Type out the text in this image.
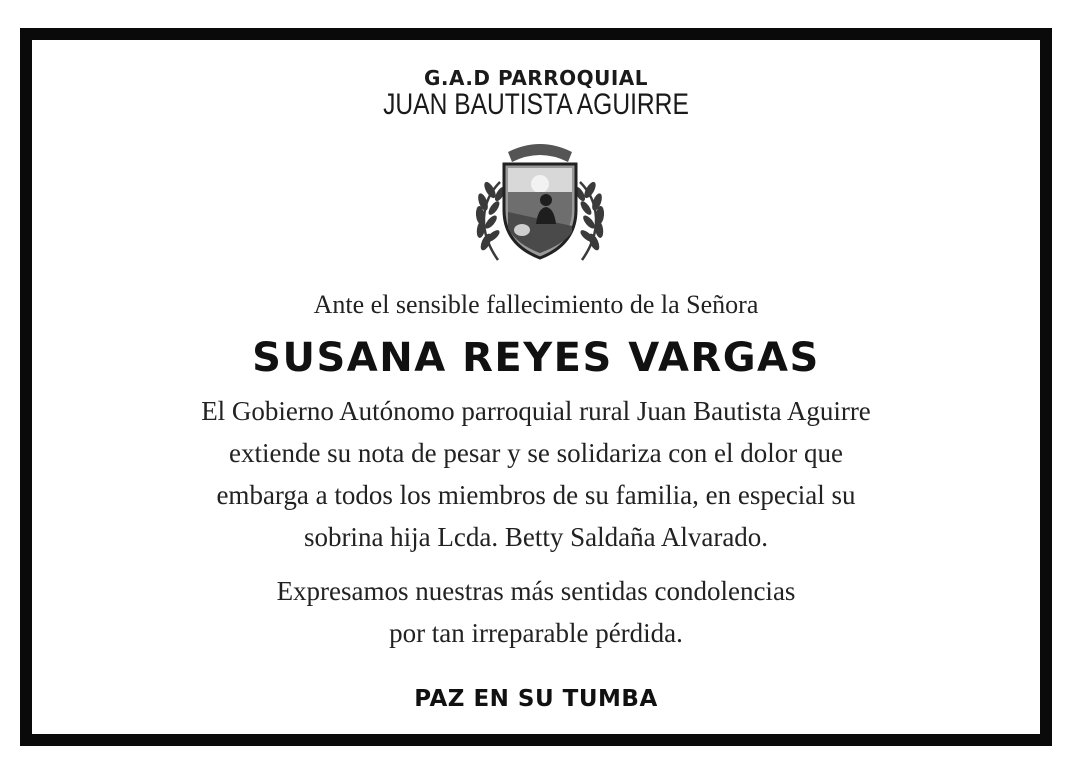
G.A.D PARROQUIAL
JUAN BAUTISTA AGUIRRE
Ante el sensible fallecimiento de la Señora
SUSANA REYES VARGAS
El Gobierno Autónomo parroquial rural Juan Bautista Aguirre
extiende su nota de pesar y se solidariza con el dolor que
embarga a todos los miembros de su familia, en especial su
sobrina hija Lcda. Betty Saldaña Alvarado.
Expresamos nuestras más sentidas condolencias
por tan irreparable pérdida.
PAZ EN SU TUMBA
